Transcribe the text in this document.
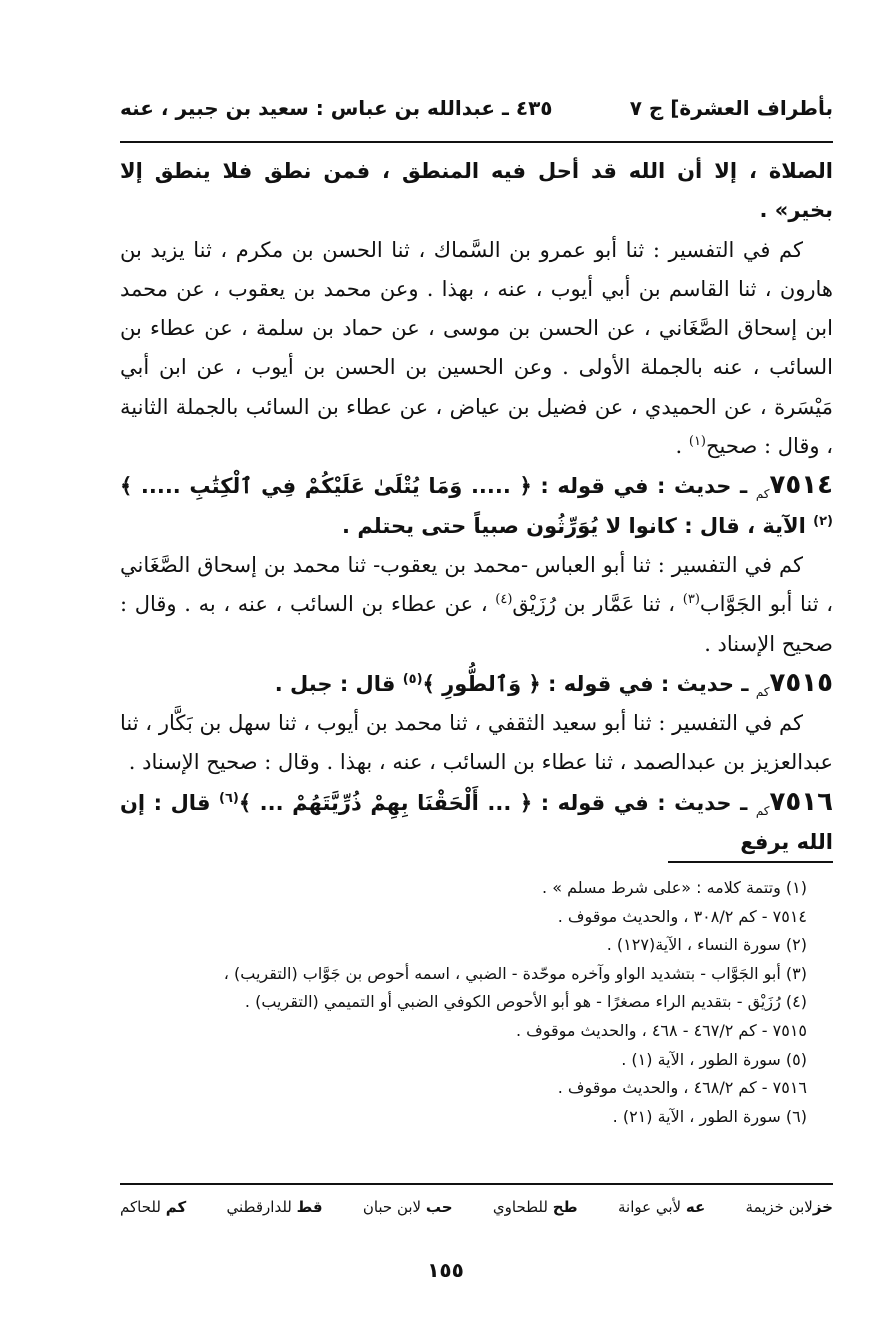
بأطراف العشرة] ج ٧
٤٣٥ ـ عبدالله بن عباس : سعيد بن جبير ، عنه

الصلاة ، إلا أن الله قد أحل فيه المنطق ، فمن نطق فلا ينطق إلا بخير» .

كم في التفسير : ثنا أبو عمرو بن السَّماك ، ثنا الحسن بن مكرم ، ثنا يزيد بن هارون ، ثنا القاسم بن أبي أيوب ، عنه ، بهذا . وعن محمد بن يعقوب ، عن محمد ابن إسحاق الصَّغَاني ، عن الحسن بن موسى ، عن حماد بن سلمة ، عن عطاء بن السائب ، عنه بالجملة الأولى . وعن الحسين بن الحسن بن أيوب ، عن ابن أبي مَيْسَرة ، عن الحميدي ، عن فضيل بن عياض ، عن عطاء بن السائب بالجملة الثانية ، وقال : صحيح$^{(١)}$ .

$٧٥١٤_{كم}$ ـ حديث : في قوله : ﴿ ..... وَمَا يُتْلَىٰ عَلَيْكُمْ فِي ٱلْكِتَٰبِ ..... ﴾$^{(٢)}$ الآية ، قال : كانوا لا يُوَرِّثُون صبياً حتى يحتلم .

كم في التفسير : ثنا أبو العباس -محمد بن يعقوب- ثنا محمد بن إسحاق الصَّغَاني ، ثنا أبو الجَوَّاب$^{(٣)}$ ، ثنا عَمَّار بن رُزَيْق$^{(٤)}$ ، عن عطاء بن السائب ، عنه ، به . وقال : صحيح الإسناد .

$٧٥١٥_{كم}$ ـ حديث : في قوله : ﴿ وَٱلطُّورِ ﴾$^{(٥)}$ قال : جبل .

كم في التفسير : ثنا أبو سعيد الثقفي ، ثنا محمد بن أيوب ، ثنا سهل بن بَكَّار ، ثنا عبدالعزيز بن عبدالصمد ، ثنا عطاء بن السائب ، عنه ، بهذا . وقال : صحيح الإسناد .

$٧٥١٦_{كم}$ ـ حديث : في قوله : ﴿ ... أَلْحَقْنَا بِهِمْ ذُرِّيَّتَهُمْ ... ﴾$^{(٦)}$ قال : إن الله يرفع

(١) وتتمة كلامه : «على شرط مسلم » .
٧٥١٤ - كم ٣٠٨/٢ ، والحديث موقوف .
(٢) سورة النساء ، الآية(١٢٧) .
(٣) أبو الجَوَّاب - بتشديد الواو وآخره موحّدة - الضبي ، اسمه أحوص بن جَوَّاب (التقريب) ،
(٤) رُزَيْق - بتقديم الراء مصغرًا - هو أبو الأحوص الكوفي الضبي أو التميمي (التقريب) .
٧٥١٥ - كم ٤٦٧/٢ - ٤٦٨ ، والحديث موقوف .
(٥) سورة الطور ، الآية (١) .
٧٥١٦ - كم ٤٦٨/٢ ، والحديث موقوف .
(٦) سورة الطور ، الآية (٢١) .
خزلابن خزيمة
عه لأبي عوانة
طح للطحاوي
حب لابن حبان
قط للدارقطني
كم للحاكم
١٥٥
